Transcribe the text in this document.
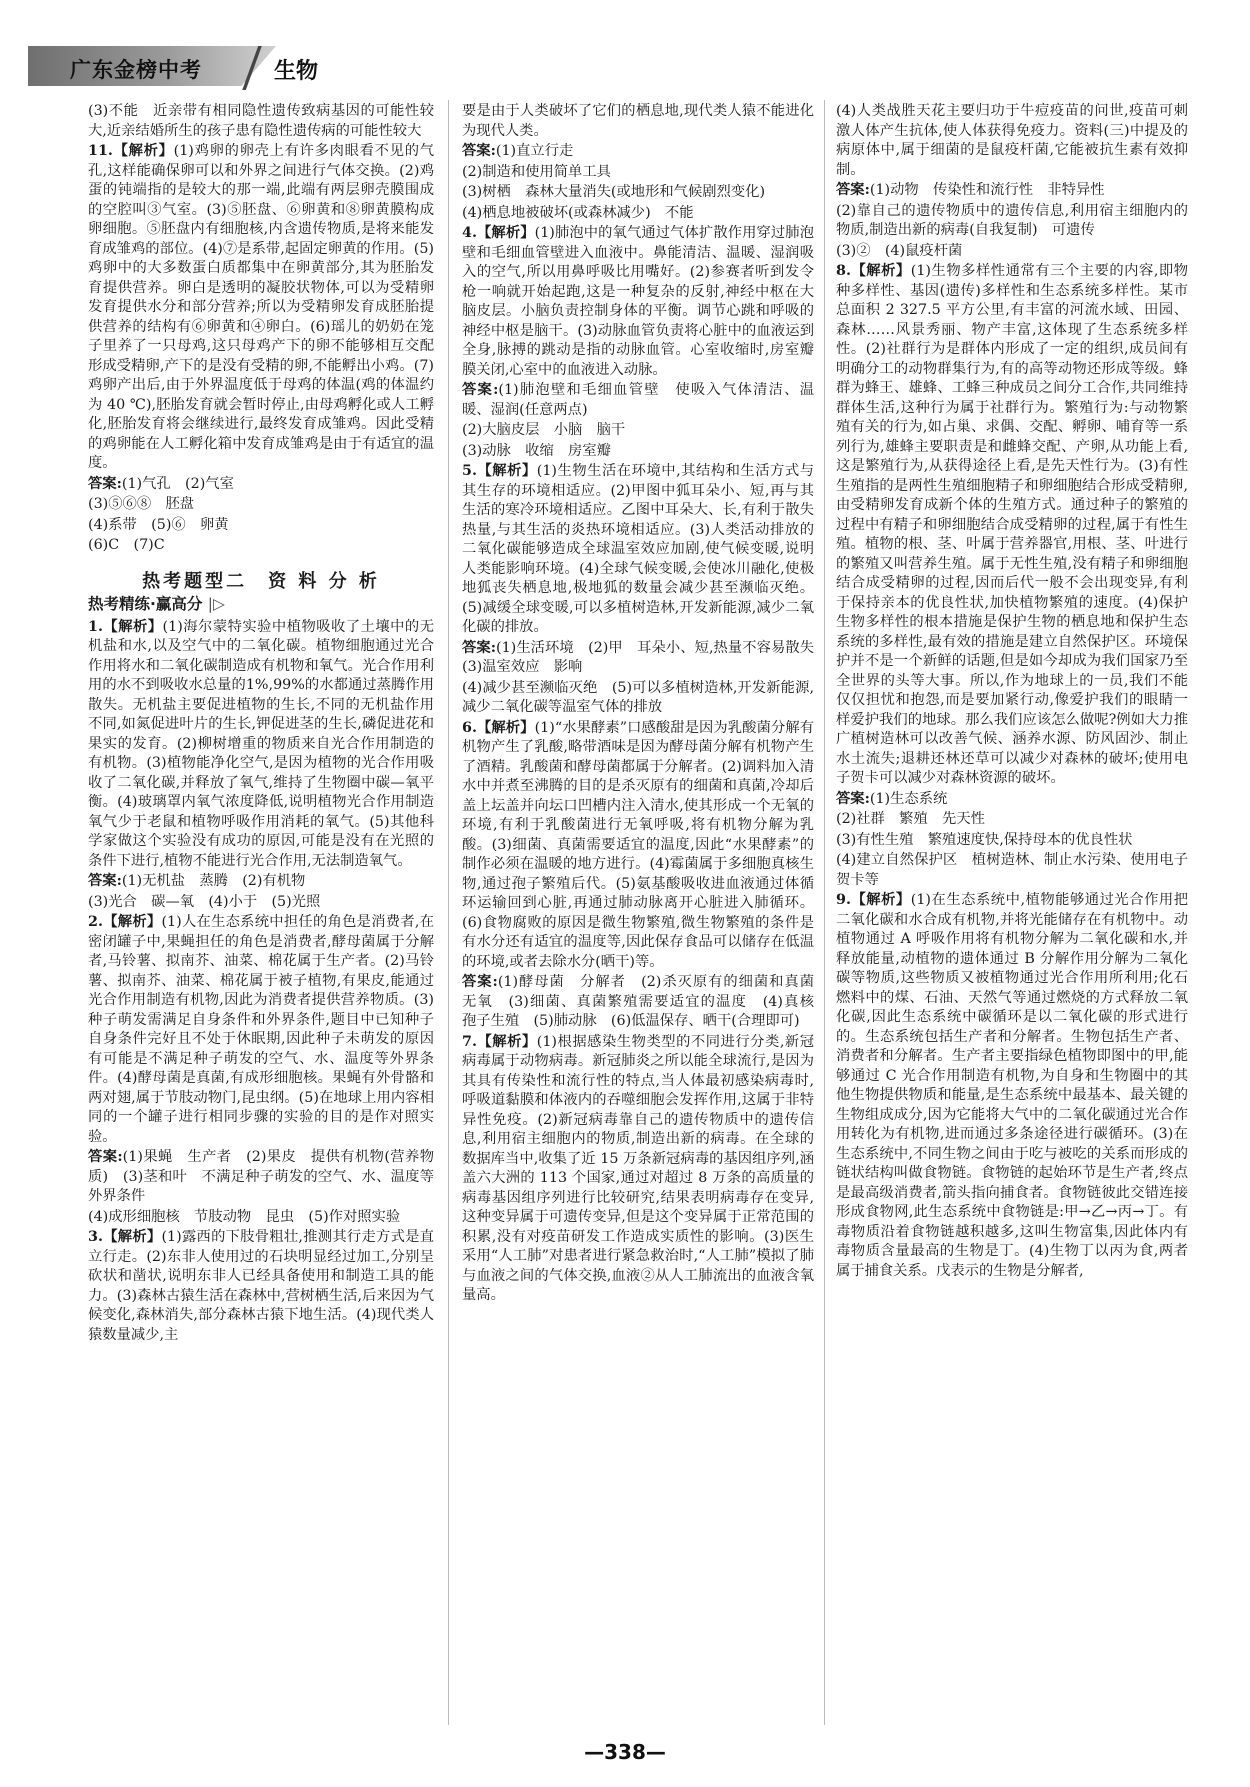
广东金榜中考	生物
(3)不能　近亲带有相同隐性遗传致病基因的可能性较大,近亲结婚所生的孩子患有隐性遗传病的可能性较大
11.【解析】(1)鸡卵的卵壳上有许多肉眼看不见的气孔,这样能确保卵可以和外界之间进行气体交换。(2)鸡蛋的钝端指的是较大的那一端,此端有两层卵壳膜围成的空腔叫③气室。(3)⑤胚盘、⑥卵黄和⑧卵黄膜构成卵细胞。⑤胚盘内有细胞核,内含遗传物质,是将来能发育成雏鸡的部位。(4)⑦是系带,起固定卵黄的作用。(5)鸡卵中的大多数蛋白质都集中在卵黄部分,其为胚胎发育提供营养。卵白是透明的凝胶状物体,可以为受精卵发育提供水分和部分营养;所以为受精卵发育成胚胎提供营养的结构有⑥卵黄和④卵白。(6)瑶儿的奶奶在笼子里养了一只母鸡,这只母鸡产下的卵不能够相互交配形成受精卵,产下的是没有受精的卵,不能孵出小鸡。(7)鸡卵产出后,由于外界温度低于母鸡的体温(鸡的体温约为 40 ℃),胚胎发育就会暂时停止,由母鸡孵化或人工孵化,胚胎发育将会继续进行,最终发育成雏鸡。因此受精的鸡卵能在人工孵化箱中发育成雏鸡是由于有适宜的温度。
答案:(1)气孔　(2)气室
(3)⑤⑥⑧　胚盘
(4)系带　(5)⑥　卵黄
(6)C　(7)C
热考题型二　资 料 分 析
热考精练·赢高分 |▷
1.【解析】(1)海尔蒙特实验中植物吸收了土壤中的无机盐和水,以及空气中的二氧化碳。植物细胞通过光合作用将水和二氧化碳制造成有机物和氧气。光合作用利用的水不到吸收水总量的1%,99%的水都通过蒸腾作用散失。无机盐主要促进植物的生长,不同的无机盐作用不同,如氮促进叶片的生长,钾促进茎的生长,磷促进花和果实的发育。(2)柳树增重的物质来自光合作用制造的有机物。(3)植物能净化空气,是因为植物的光合作用吸收了二氧化碳,并释放了氧气,维持了生物圈中碳—氧平衡。(4)玻璃罩内氧气浓度降低,说明植物光合作用制造氧气少于老鼠和植物呼吸作用消耗的氧气。(5)其他科学家做这个实验没有成功的原因,可能是没有在光照的条件下进行,植物不能进行光合作用,无法制造氧气。
答案:(1)无机盐　蒸腾　(2)有机物
(3)光合　碳—氧　(4)小于　(5)光照
2.【解析】(1)人在生态系统中担任的角色是消费者,在密闭罐子中,果蝇担任的角色是消费者,酵母菌属于分解者,马铃薯、拟南芥、油菜、棉花属于生产者。(2)马铃薯、拟南芥、油菜、棉花属于被子植物,有果皮,能通过光合作用制造有机物,因此为消费者提供营养物质。(3)种子萌发需满足自身条件和外界条件,题目中已知种子自身条件完好且不处于休眠期,因此种子未萌发的原因有可能是不满足种子萌发的空气、水、温度等外界条件。(4)酵母菌是真菌,有成形细胞核。果蝇有外骨骼和两对翅,属于节肢动物门,昆虫纲。(5)在地球上用内容相同的一个罐子进行相同步骤的实验的目的是作对照实验。
答案:(1)果蝇　生产者　(2)果皮　提供有机物(营养物质)　(3)茎和叶　不满足种子萌发的空气、水、温度等外界条件
(4)成形细胞核　节肢动物　昆虫　(5)作对照实验
3.【解析】(1)露西的下肢骨粗壮,推测其行走方式是直立行走。(2)东非人使用过的石块明显经过加工,分别呈砍状和凿状,说明东非人已经具备使用和制造工具的能力。(3)森林古猿生活在森林中,营树栖生活,后来因为气候变化,森林消失,部分森林古猿下地生活。(4)现代类人猿数量减少,主
要是由于人类破坏了它们的栖息地,现代类人猿不能进化为现代人类。
答案:(1)直立行走
(2)制造和使用简单工具
(3)树栖　森林大量消失(或地形和气候剧烈变化)
(4)栖息地被破坏(或森林减少)　不能
4.【解析】(1)肺泡中的氧气通过气体扩散作用穿过肺泡壁和毛细血管壁进入血液中。鼻能清洁、温暖、湿润吸入的空气,所以用鼻呼吸比用嘴好。(2)参赛者听到发令枪一响就开始起跑,这是一种复杂的反射,神经中枢在大脑皮层。小脑负责控制身体的平衡。调节心跳和呼吸的神经中枢是脑干。(3)动脉血管负责将心脏中的血液运到全身,脉搏的跳动是指的动脉血管。心室收缩时,房室瓣膜关闭,心室中的血液进入动脉。
答案:(1)肺泡壁和毛细血管壁　使吸入气体清洁、温暖、湿润(任意两点)
(2)大脑皮层　小脑　脑干
(3)动脉　收缩　房室瓣
5.【解析】(1)生物生活在环境中,其结构和生活方式与其生存的环境相适应。(2)甲图中狐耳朵小、短,再与其生活的寒冷环境相适应。乙图中耳朵大、长,有利于散失热量,与其生活的炎热环境相适应。(3)人类活动排放的二氧化碳能够造成全球温室效应加剧,使气候变暖,说明人类能影响环境。(4)全球气候变暖,会使冰川融化,使极地狐丧失栖息地,极地狐的数量会减少甚至濒临灭绝。(5)减缓全球变暖,可以多植树造林,开发新能源,减少二氧化碳的排放。
答案:(1)生活环境　(2)甲　耳朵小、短,热量不容易散失　(3)温室效应　影响
(4)减少甚至濒临灭绝　(5)可以多植树造林,开发新能源,减少二氧化碳等温室气体的排放
6.【解析】(1)“水果酵素”口感酸甜是因为乳酸菌分解有机物产生了乳酸,略带酒味是因为酵母菌分解有机物产生了酒精。乳酸菌和酵母菌都属于分解者。(2)调料加入清水中并煮至沸腾的目的是杀灭原有的细菌和真菌,冷却后盖上坛盖并向坛口凹槽内注入清水,使其形成一个无氧的环境,有利于乳酸菌进行无氧呼吸,将有机物分解为乳酸。(3)细菌、真菌需要适宜的温度,因此“水果酵素”的制作必须在温暖的地方进行。(4)霉菌属于多细胞真核生物,通过孢子繁殖后代。(5)氨基酸吸收进血液通过体循环运输回到心脏,再通过肺动脉离开心脏进入肺循环。(6)食物腐败的原因是微生物繁殖,微生物繁殖的条件是有水分还有适宜的温度等,因此保存食品可以储存在低温的环境,或者去除水分(晒干)等。
答案:(1)酵母菌　分解者　(2)杀灭原有的细菌和真菌　无氧　(3)细菌、真菌繁殖需要适宜的温度　(4)真核　孢子生殖　(5)肺动脉　(6)低温保存、晒干(合理即可)
7.【解析】(1)根据感染生物类型的不同进行分类,新冠病毒属于动物病毒。新冠肺炎之所以能全球流行,是因为其具有传染性和流行性的特点,当人体最初感染病毒时,呼吸道黏膜和体液内的吞噬细胞会发挥作用,这属于非特异性免疫。(2)新冠病毒靠自己的遗传物质中的遗传信息,利用宿主细胞内的物质,制造出新的病毒。在全球的数据库当中,收集了近 15 万条新冠病毒的基因组序列,涵盖六大洲的 113 个国家,通过对超过 8 万条的高质量的病毒基因组序列进行比较研究,结果表明病毒存在变异,这种变异属于可遗传变异,但是这个变异属于正常范围的积累,没有对疫苗研发工作造成实质性的影响。(3)医生采用“人工肺”对患者进行紧急救治时,“人工肺”模拟了肺与血液之间的气体交换,血液②从人工肺流出的血液含氧量高。
(4)人类战胜天花主要归功于牛痘疫苗的问世,疫苗可刺激人体产生抗体,使人体获得免疫力。资料(三)中提及的病原体中,属于细菌的是鼠疫杆菌,它能被抗生素有效抑制。
答案:(1)动物　传染性和流行性　非特异性
(2)靠自己的遗传物质中的遗传信息,利用宿主细胞内的物质,制造出新的病毒(自我复制)　可遗传
(3)②　(4)鼠疫杆菌
8.【解析】(1)生物多样性通常有三个主要的内容,即物种多样性、基因(遗传)多样性和生态系统多样性。某市总面积 2 327.5 平方公里,有丰富的河流水域、田园、森林……风景秀丽、物产丰富,这体现了生态系统多样性。(2)社群行为是群体内形成了一定的组织,成员间有明确分工的动物群集行为,有的高等动物还形成等级。蜂群为蜂王、雄蜂、工蜂三种成员之间分工合作,共同维持群体生活,这种行为属于社群行为。繁殖行为:与动物繁殖有关的行为,如占巢、求偶、交配、孵卵、哺育等一系列行为,雄蜂主要职责是和雌蜂交配、产卵,从功能上看,这是繁殖行为,从获得途径上看,是先天性行为。(3)有性生殖指的是两性生殖细胞精子和卵细胞结合形成受精卵,由受精卵发育成新个体的生殖方式。通过种子的繁殖的过程中有精子和卵细胞结合成受精卵的过程,属于有性生殖。植物的根、茎、叶属于营养器官,用根、茎、叶进行的繁殖又叫营养生殖。属于无性生殖,没有精子和卵细胞结合成受精卵的过程,因而后代一般不会出现变异,有利于保持亲本的优良性状,加快植物繁殖的速度。(4)保护生物多样性的根本措施是保护生物的栖息地和保护生态系统的多样性,最有效的措施是建立自然保护区。环境保护并不是一个新鲜的话题,但是如今却成为我们国家乃至全世界的头等大事。所以,作为地球上的一员,我们不能仅仅担忧和抱怨,而是要加紧行动,像爱护我们的眼睛一样爱护我们的地球。那么我们应该怎么做呢?例如大力推广植树造林可以改善气候、涵养水源、防风固沙、制止水土流失;退耕还林还草可以减少对森林的破坏;使用电子贺卡可以减少对森林资源的破坏。
答案:(1)生态系统
(2)社群　繁殖　先天性
(3)有性生殖　繁殖速度快,保持母本的优良性状
(4)建立自然保护区　植树造林、制止水污染、使用电子贺卡等
9.【解析】(1)在生态系统中,植物能够通过光合作用把二氧化碳和水合成有机物,并将光能储存在有机物中。动植物通过 A 呼吸作用将有机物分解为二氧化碳和水,并释放能量,动植物的遗体通过 B 分解作用分解为二氧化碳等物质,这些物质又被植物通过光合作用所利用;化石燃料中的煤、石油、天然气等通过燃烧的方式释放二氧化碳,因此生态系统中碳循环是以二氧化碳的形式进行的。生态系统包括生产者和分解者。生物包括生产者、消费者和分解者。生产者主要指绿色植物即图中的甲,能够通过 C 光合作用制造有机物,为自身和生物圈中的其他生物提供物质和能量,是生态系统中最基本、最关键的生物组成成分,因为它能将大气中的二氧化碳通过光合作用转化为有机物,进而通过多条途径进行碳循环。(3)在生态系统中,不同生物之间由于吃与被吃的关系而形成的链状结构叫做食物链。食物链的起始环节是生产者,终点是最高级消费者,箭头指向捕食者。食物链彼此交错连接形成食物网,此生态系统中食物链是:甲→乙→丙→丁。有毒物质沿着食物链越积越多,这叫生物富集,因此体内有毒物质含量最高的生物是丁。(4)生物丁以丙为食,两者属于捕食关系。戊表示的生物是分解者,
—338—
